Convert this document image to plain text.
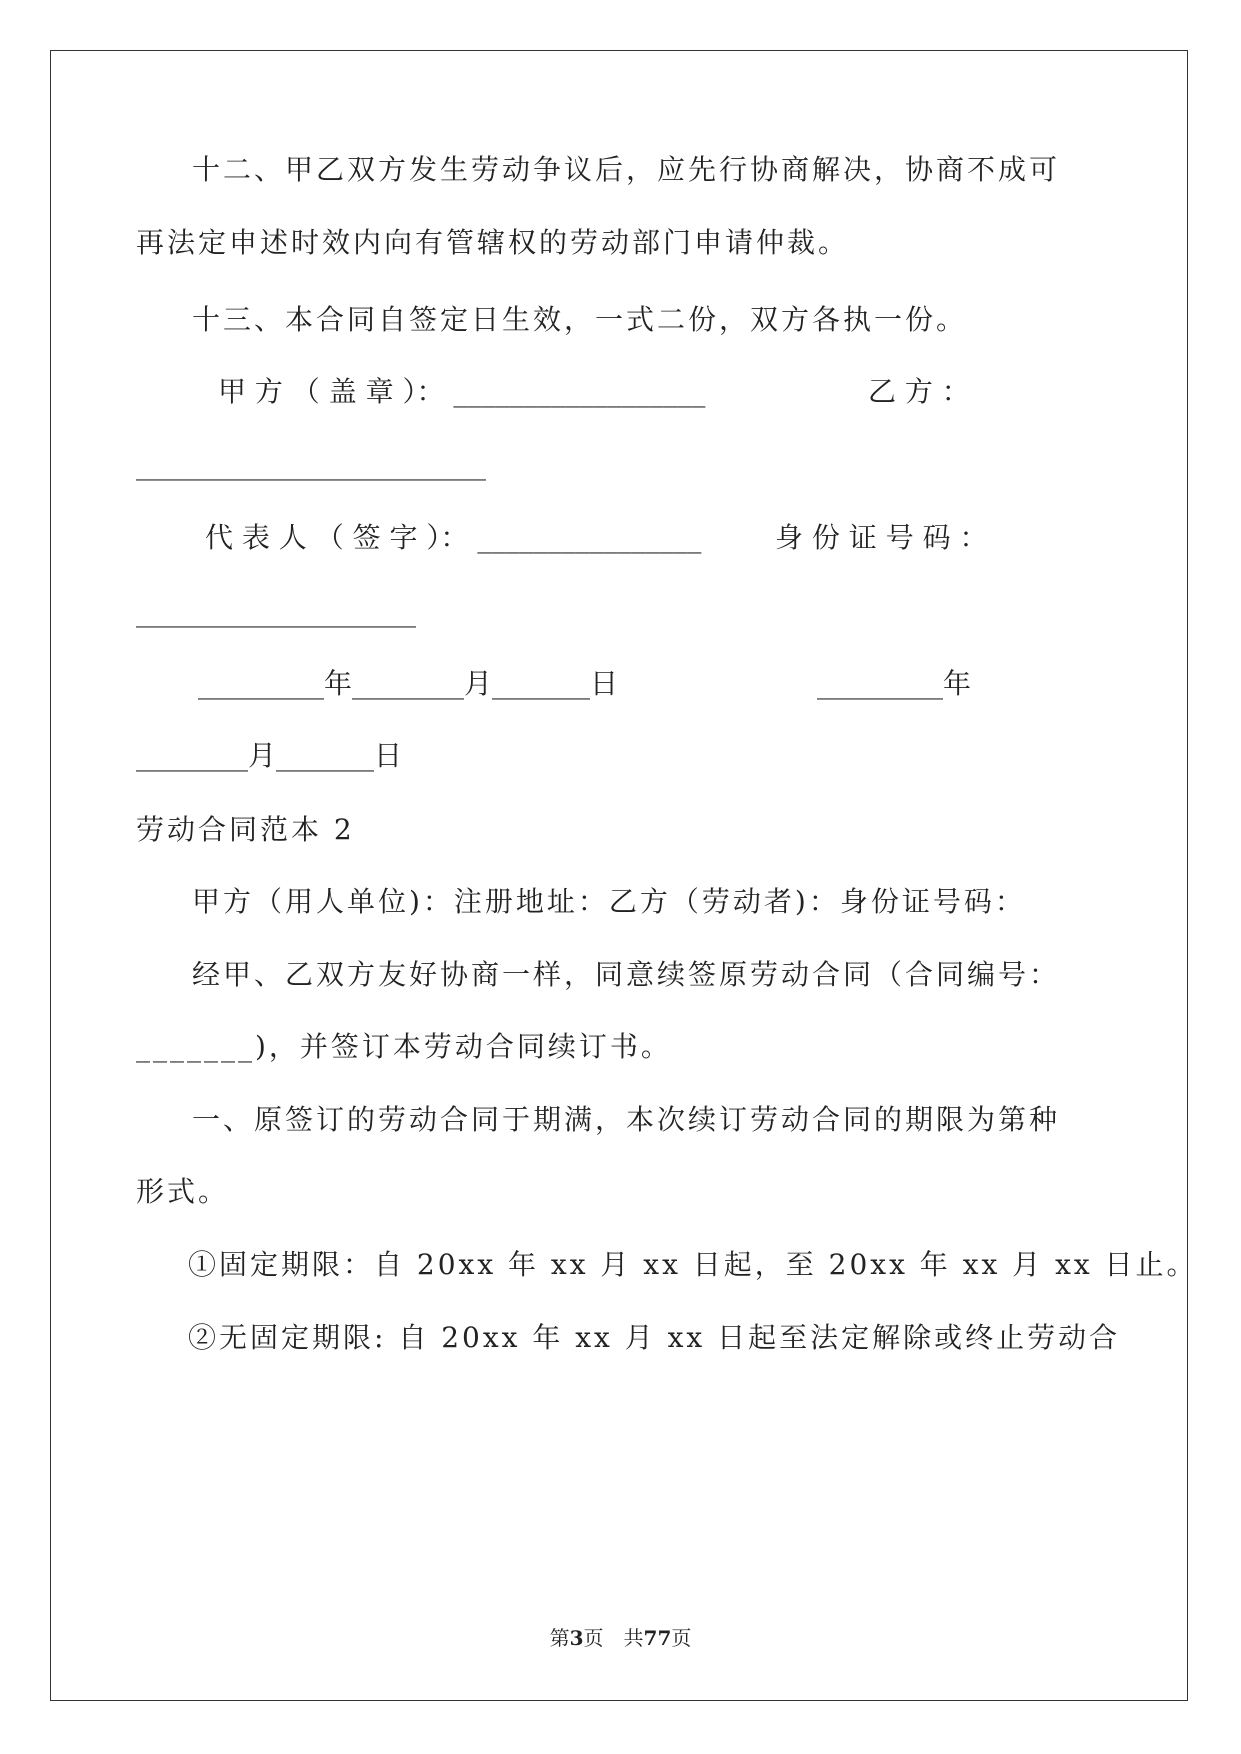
十二、甲乙双方发生劳动争议后，应先行协商解决，协商不成可
再法定申述时效内向有管辖权的劳动部门申请仲裁。
十三、本合同自签定日生效，一式二份，双方各执一份。
甲 方 （ 盖 章 ）： __________________	乙 方 ：
_________________________
代 表 人 （ 签 字 ）： ________________	身 份 证 号 码 ：
____________________
_________年________月_______日	_________年
________月_______日
劳动合同范本 2
甲方（用人单位)：注册地址：乙方（劳动者)：身份证号码：
经甲、乙双方友好协商一样，同意续签原劳动合同（合同编号：
_______)，并签订本劳动合同续订书。
一、原签订的劳动合同于期满，本次续订劳动合同的期限为第种
形式。
①固定期限：自 20xx 年 xx 月 xx 日起，至 20xx 年 xx 月 xx 日止。
②无固定期限: 自 20xx 年 xx 月 xx 日起至法定解除或终止劳动合
第3页　共77页
